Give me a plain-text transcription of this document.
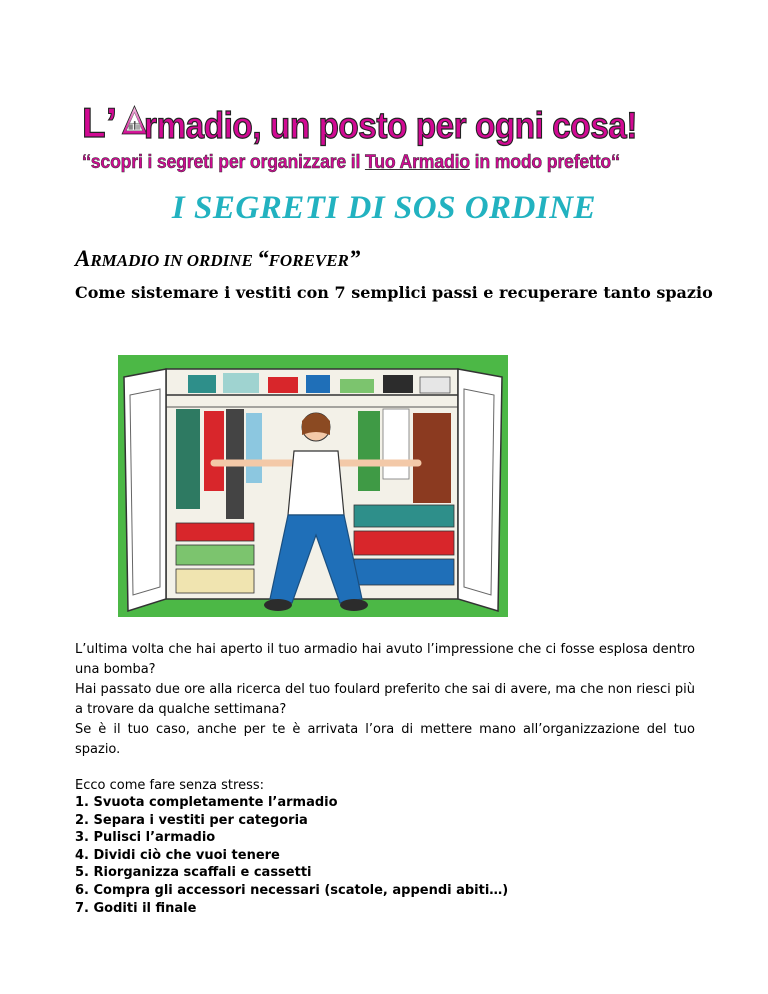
L ’ rmadio, un posto per ogni cosa!
‘‘scopri i segreti per organizzare il Tuo Armadio in modo prefetto‘‘
I SEGRETI DI SOS ORDINE
ARMADIO IN ORDINE “FOREVER”
Come sistemare i vestiti con 7 semplici passi e recuperare tanto spazio
L’ultima volta che hai aperto il tuo armadio hai avuto l’impressione che ci fosse esplosa dentro una bomba?
Hai passato due ore alla ricerca del tuo foulard preferito che sai di avere, ma che non riesci più a trovare da qualche settimana?
Se è il tuo caso, anche per te è arrivata l’ora di mettere mano all’organizzazione del tuo spazio.
Ecco come fare senza stress:
1. Svuota completamente l’armadio
2. Separa i vestiti per categoria
3. Pulisci l’armadio
4. Dividi ciò che vuoi tenere
5. Riorganizza scaffali e cassetti
6. Compra gli accessori necessari (scatole, appendi abiti…)
7. Goditi il finale
